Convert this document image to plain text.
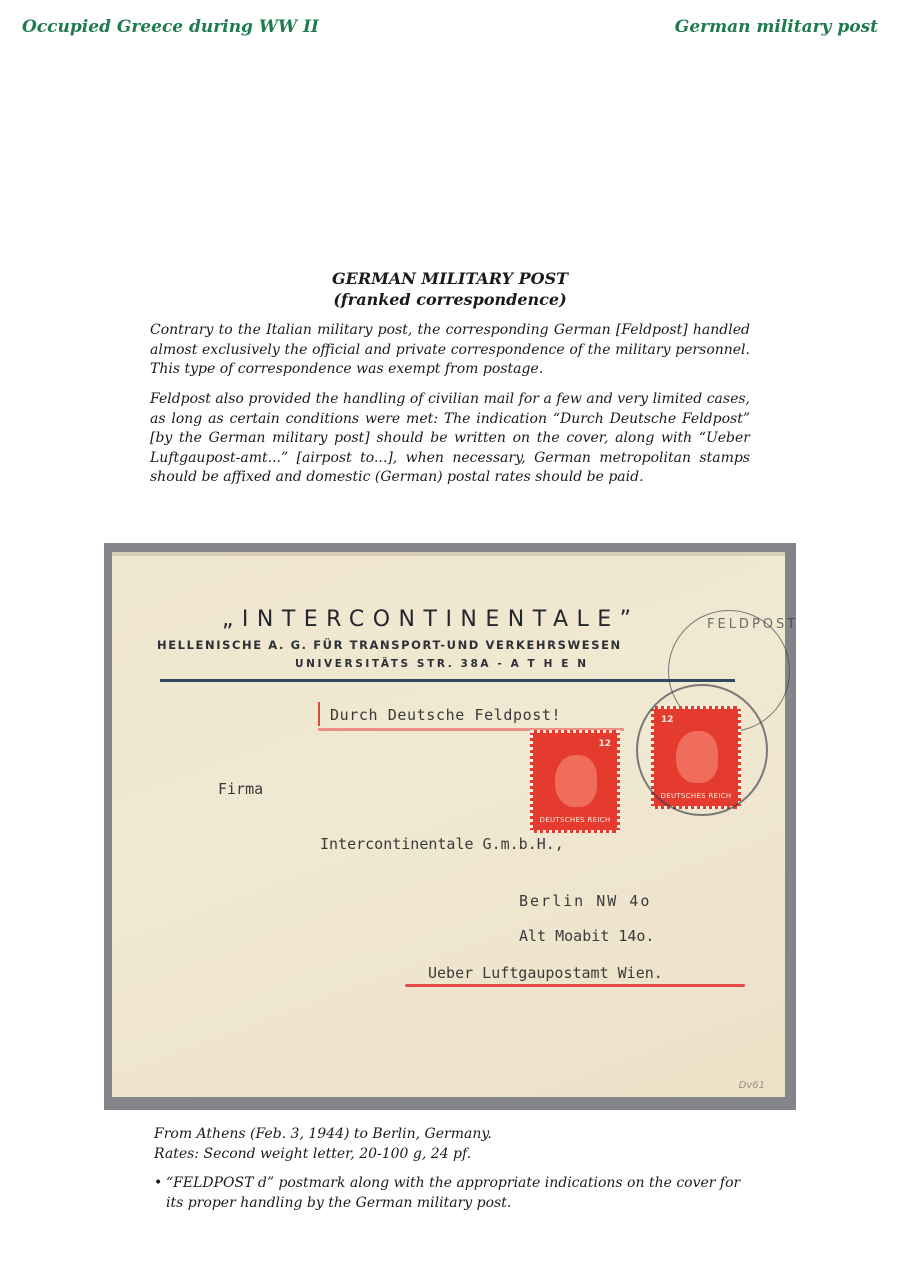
Occupied Greece during WW II	German military post
GERMAN MILITARY POST
(franked correspondence)

Contrary to the Italian military post, the corresponding German [Feldpost] handled almost exclusively the official and private correspondence of the military personnel. This type of correspondence was exempt from postage.

Feldpost also provided the handling of civilian mail for a few and very limited cases, as long as certain conditions were met: The indication “Durch Deutsche Feldpost” [by the German military post] should be written on the cover, along with “Ueber Luftgaupost-amt...” [airpost to...], when necessary, German metropolitan stamps should be affixed and domestic (German) postal rates should be paid.

FELDPOST
„INTERCONTINENTALE”
HELLENISCHE A. G. FÜR TRANSPORT-UND VERKEHRSWESEN
UNIVERSITÄTS STR. 38A - A T H E N
Durch Deutsche Feldpost!
12
DEUTSCHES REICH
12
DEUTSCHES REICH
Firma
Intercontinentale G.m.b.H.,
Berlin NW 4o
Alt Moabit 14o.
Ueber Luftgaupostamt Wien.
Dv61
From Athens (Feb. 3, 1944) to Berlin, Germany.
Rates: Second weight letter, 20-100 g, 24 pf.
• “FELDPOST d” postmark along with the appropriate indications on the cover for its proper handling by the German military post.
